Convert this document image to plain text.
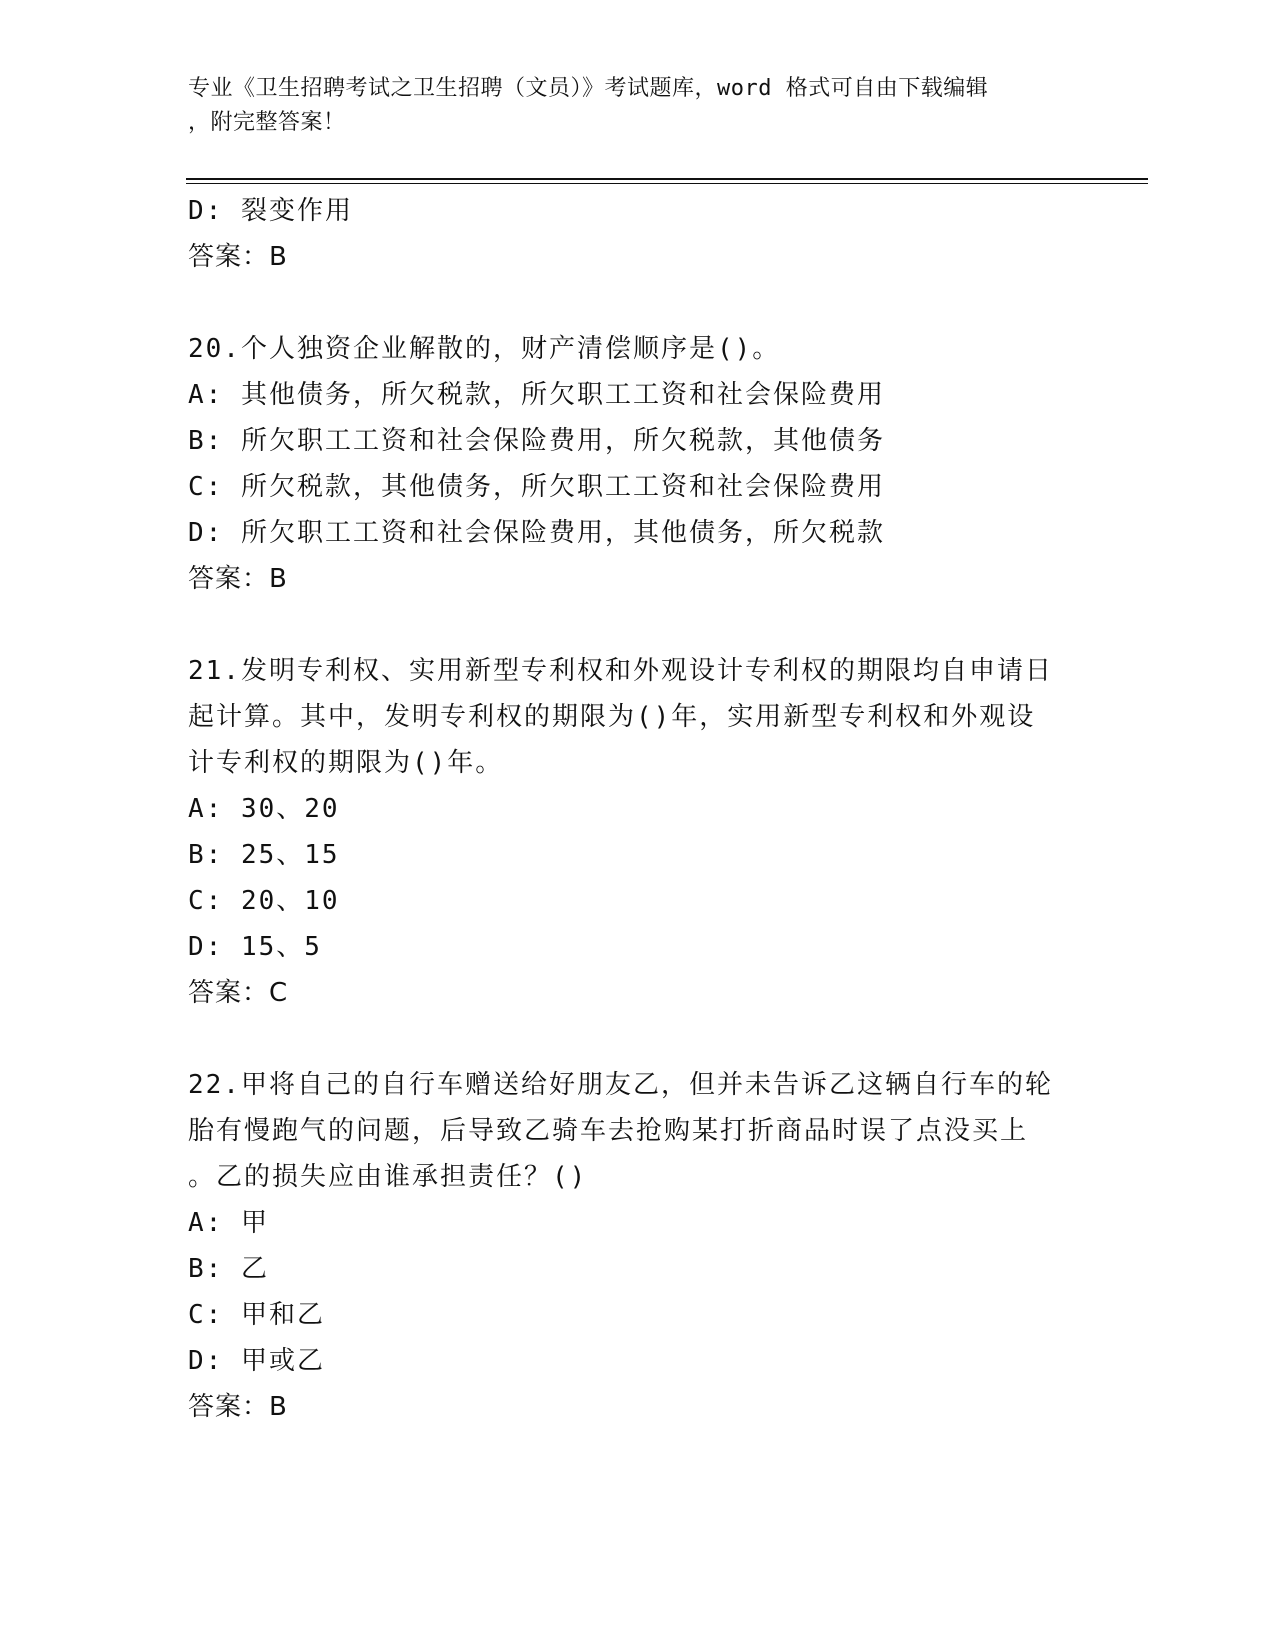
专业《卫生招聘考试之卫生招聘（文员）》考试题库，word 格式可自由下载编辑
，附完整答案！
D: 裂变作用
答案：B
20.个人独资企业解散的，财产清偿顺序是()。
A: 其他债务，所欠税款，所欠职工工资和社会保险费用
B: 所欠职工工资和社会保险费用，所欠税款，其他债务
C: 所欠税款，其他债务，所欠职工工资和社会保险费用
D: 所欠职工工资和社会保险费用，其他债务，所欠税款
答案：B
21.发明专利权、实用新型专利权和外观设计专利权的期限均自申请日
起计算。其中，发明专利权的期限为()年，实用新型专利权和外观设
计专利权的期限为()年。
A: 30、20
B: 25、15
C: 20、10
D: 15、5
答案：C
22.甲将自己的自行车赠送给好朋友乙，但并未告诉乙这辆自行车的轮
胎有慢跑气的问题，后导致乙骑车去抢购某打折商品时误了点没买上
。乙的损失应由谁承担责任？()
A: 甲
B: 乙
C: 甲和乙
D: 甲或乙
答案：B
